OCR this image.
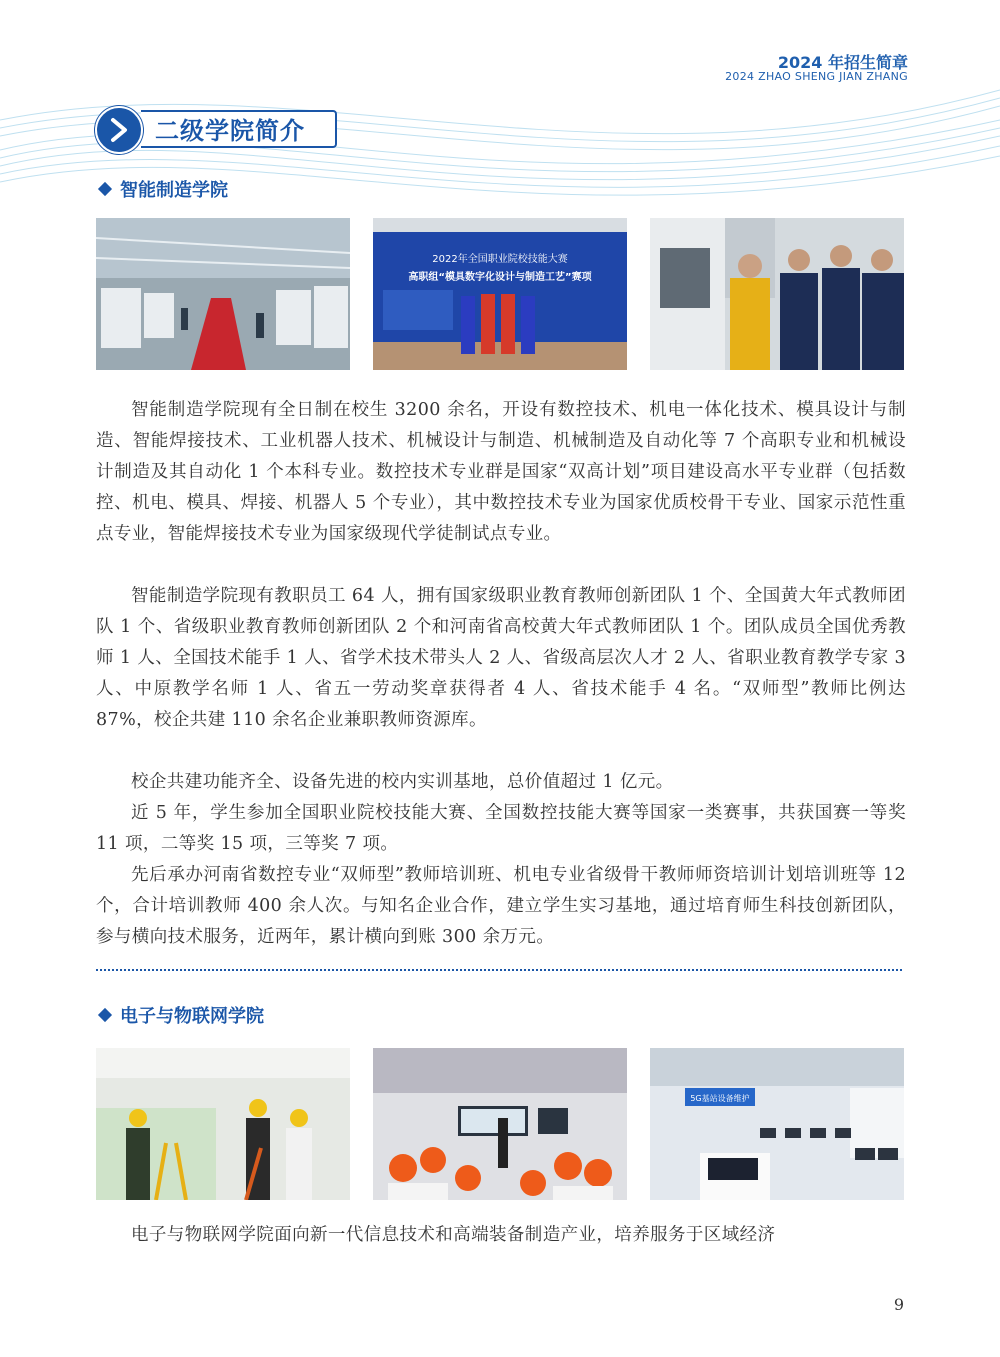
2024 年招生简章
2024 ZHAO SHENG JIAN ZHANG
二级学院简介
智能制造学院
2022年全国职业院校技能大赛
高职组“模具数字化设计与制造工艺”赛项

智能制造学院现有全日制在校生 3200 余名，开设有数控技术、机电一体化技术、模具设计与制造、智能焊接技术、工业机器人技术、机械设计与制造、机械制造及自动化等 7 个高职专业和机械设计制造及其自动化 1 个本科专业。数控技术专业群是国家“双高计划”项目建设高水平专业群（包括数控、机电、模具、焊接、机器人 5 个专业），其中数控技术专业为国家优质校骨干专业、国家示范性重点专业，智能焊接技术专业为国家级现代学徒制试点专业。

智能制造学院现有教职员工 64 人，拥有国家级职业教育教师创新团队 1 个、全国黄大年式教师团队 1 个、省级职业教育教师创新团队 2 个和河南省高校黄大年式教师团队 1 个。团队成员全国优秀教师 1 人、全国技术能手 1 人、省学术技术带头人 2 人、省级高层次人才 2 人、省职业教育教学专家 3 人、中原教学名师 1 人、省五一劳动奖章获得者 4 人、省技术能手 4 名。“双师型”教师比例达 87%，校企共建 110 余名企业兼职教师资源库。

校企共建功能齐全、设备先进的校内实训基地，总价值超过 1 亿元。

近 5 年，学生参加全国职业院校技能大赛、全国数控技能大赛等国家一类赛事，共获国赛一等奖 11 项，二等奖 15 项，三等奖 7 项。

先后承办河南省数控专业“双师型”教师培训班、机电专业省级骨干教师师资培训计划培训班等 12 个，合计培训教师 400 余人次。与知名企业合作，建立学生实习基地，通过培育师生科技创新团队，参与横向技术服务，近两年，累计横向到账 300 余万元。

电子与物联网学院
5G基站设备维护

电子与物联网学院面向新一代信息技术和高端装备制造产业，培养服务于区域经济

9
